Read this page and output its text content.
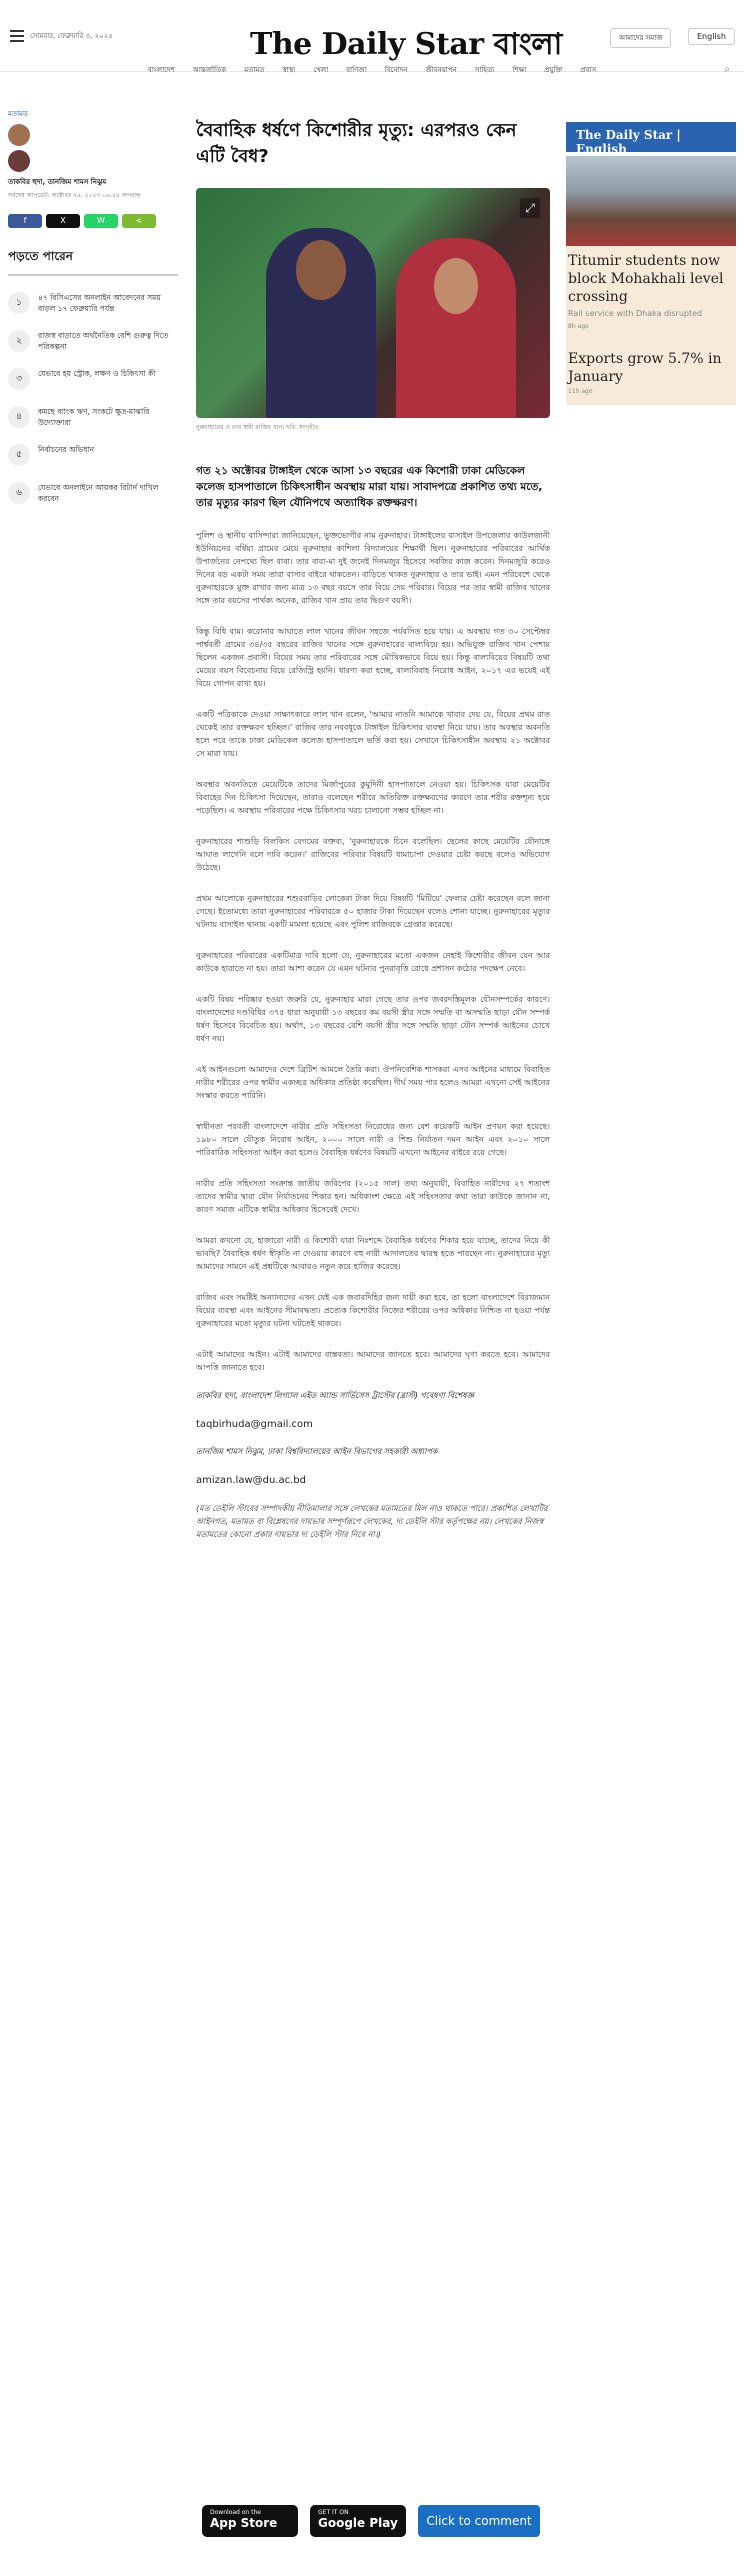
সোমবার, ফেব্রুয়ারি ৩, ২০২৫	The Daily Star বাংলা	আমাদের সমাজ	English
বাংলাদেশ	আন্তর্জাতিক	মতামত	স্বাস্থ্য	খেলা	বাণিজ্য	বিনোদন	জীবনযাপন	সাহিত্য	শিক্ষা	প্রযুক্তি	প্রবাস	⌕
মতামত
তাকবির হুদা, তানজিম শামস নিঝুম
সর্বশেষ আপডেট: অক্টোবর ২৫, ২০২৩ ০৬:৫৪ অপরাহ্ন
f	X	W	<
পড়তে পারেন
১
৪৭ বিসিএসের অনলাইন আবেদনের সময় বাড়ল ১৭ ফেব্রুয়ারি পর্যন্ত
২
রাজস্ব বাড়াতে অর্থনৈতিক বেশি গুরুত্ব দিতে পরিকল্পনা
৩
যেভাবে হয় স্ট্রোক, লক্ষণ ও চিকিৎসা কী
৪
কমছে ব্যাংক ঋণ, সংকটে ক্ষুদ্র-মাঝারি উদ্যোক্তারা
৫
নির্বাচনের অভিধান
৬
যেভাবে অনলাইনে আয়কর রিটার্ন দাখিল করবেন
বৈবাহিক ধর্ষণে কিশোরীর মৃত্যু: এরপরও কেন এটি বৈধ?
⤢
নুরুনাহারের ও তার স্বামী রাজিব খান। ছবি: সংগৃহীত

গত ২১ অক্টোবর টাঙ্গাইল থেকে আসা ১৩ বছরের এক কিশোরী ঢাকা মেডিকেল কলেজ হাসপাতালে চিকিৎসাধীন অবস্থায় মারা যায়। সাবাদপত্রে প্রকাশিত তথ্য মতে, তার মৃত্যুর কারণ ছিল যৌনিপথে অত্যাধিক রক্তক্ষরণ।

পুলিশ ও স্থানীয় বাসিন্দারা জানিয়েছেন, ভুক্তভোগীর নাম নুরুনাহার। টাঙ্গাইলের বাসাইল উপজেলার কাউলজানী ইউনিয়নের বর্ষিয়া গ্রামের মেয়ে নুরুনাহার কাশিলা বিদ্যালয়ের শিক্ষার্থী ছিল। নুরুনাহারের পরিবারের আর্থিক উপার্জনের নেপথ্যে ছিল বাবা। তার বাবা-মা দুই জনেই দিনমজুর হিসেবে সবজির কাজ করেন। দিনমজুরি করেও দিনের বড় একটা সময় তারা বাসার বাইরে থাকতেন। বাড়িতে থাকত নুরুনাহার ও তার ভাই। এমন পরিবেশে থেকে নুরুনাহারকে মুক্ত রাখার জন্য মাত্র ১৩ বছর বয়সে তার বিয়ে দেয় পরিবার। বিয়ের পর তার স্বামী রাজিব খানের সঙ্গে তার বয়সের পার্থক্য অনেক, রাজিব খান প্রায় তার দ্বিগুণ বয়সী।

কিন্তু বিধি বাম। করোনার আঘাতে লাল খানের জীবন সহজে পর্যবসিত হয়ে যায়। এ অবস্থায় গত ৩০ সেপ্টেম্বর পার্শ্ববর্তী গ্রামের ৩৪/৩৫ বছরের রাজিব খানের সঙ্গে নুরুনাহারের বাল্যবিয়ে হয়। অভিযুক্ত রাজিব খান পেশায় ছিলেন একজন প্রবাসী। বিয়ের সময় তার পরিবারের সঙ্গে মৌখিকভাবে বিয়ে হয়। কিন্তু বাল্যবিয়ের বিষয়টি তথা মেয়ের বয়স বিবেচনায় বিয়ে রেজিস্ট্রি হয়নি। ধারণা করা হচ্ছে, বাল্যবিবাহ নিরোধ আইন, ২০১৭ এর ভয়েই এই বিয়ে গোপন রাখা হয়।

একটি পত্রিকাকে দেওয়া সাক্ষাৎকারে লাল খান বলেন, 'আমার নাতনি আমাকে খাবার দেয় যে, বিয়ের প্রথম রাত থেকেই তার রক্তক্ষরণ হচ্ছিল।' রাজিব তার নববধূকে টাঙ্গাইল চিকিৎসার ব্যবস্থা নিয়ে যায়। তার অবস্থার অবনতি হলে পরে তাকে ঢাকা মেডিকেল কলেজ হাসপাতালে ভর্তি করা হয়। সেখানে চিকিৎসাধীন অবস্থায় ২১ অক্টোবর সে মারা যায়।

অবস্থার অবনতিতে মেয়েটিকে তাদের মির্জাপুরের কুমুদিনী হাসপাতালে নেওয়া হয়। চিকিৎসক যারা মেয়েটির বিবাহের দিন চিকিৎসা দিয়েছেন, তারাও বলেছেন শরীরে অতিরিক্ত রক্তক্ষরণের কারণে তার শরীর রক্তশূন্য হয়ে পড়েছিল। এ অবস্থায় পরিবারের পক্ষে চিকিৎসার খরচ চালানো সম্ভব হচ্ছিল না।

নুরুনাহারের শাশুড়ি বিলকিস বেগমের বক্তব্য, 'নুরুনাহারকে চিনে বলেছিল। ছেলের কাছে মেয়েটির যৌনাঙ্গে আঘাত লাগেনি বলে দাবি করেন।' রাজিবের পরিবার বিষয়টি ধামাচাপা দেওয়ার চেষ্টা করছে বলেও অভিযোগ উঠেছে।

প্রথম আলোকে নুরুনাহারের শশুরবাড়ির লোকেরা টাকা দিয়ে বিষয়টি 'মিটিয়ে' ফেলার চেষ্টা করেছেন বলে জানা গেছে। ইতোমধ্যে তারা নুরুনাহারের পরিবারকে ৫০ হাজার টাকা দিয়েছেন বলেও শোনা যাচ্ছে। নুরুনাহারের মৃত্যুর ঘটনায় বাসাইল থানায় একটি মামলা হয়েছে এবং পুলিশ রাজিবকে গ্রেপ্তার করেছে।

নুরুনাহারের পরিবারের একটিমাত্র দাবি হলো যে, নুরুনাহারের মতো একজন নেহাই কিশোরীর জীবন যেন আর কাউকে হারাতে না হয়। তারা আশা করেন যে এমন ঘটনার পুনরাবৃত্তি রোধে প্রশাসন কঠোর পদক্ষেপ নেবে।

একটি বিষয় পরিষ্কার হওয়া জরুরি যে, নুরুনাহার মারা গেছে তার ওপর জবরদস্তিমূলক যৌনসম্পর্কের কারণে। বাংলাদেশের দণ্ডবিধির ৩৭৫ ধারা অনুযায়ী ১৩ বছরের কম বয়সী স্ত্রীর সঙ্গে সম্মতি বা অসম্মতি ছাড়া যৌন সম্পর্ক ধর্ষণ হিসেবে বিবেচিত হয়। অর্থাৎ, ১৩ বছরের বেশি বয়সী স্ত্রীর সঙ্গে সম্মতি ছাড়া যৌন সম্পর্ক আইনের চোখে ধর্ষণ নয়।

এই আইনগুলো আমাদের দেশে ব্রিটিশ আমলে তৈরি করা। ঔপনিবেশিক শাসকরা এসব আইনের মাধ্যমে বিবাহিত নারীর শরীরের ওপর স্বামীর একচ্ছত্র অধিকার প্রতিষ্ঠা করেছিল। দীর্ঘ সময় পার হলেও আমরা এখনো সেই আইনের সংস্কার করতে পারিনি।

স্বাধীনতা পরবর্তী বাংলাদেশে নারীর প্রতি সহিংসতা নিরোধের জন্য বেশ কয়েকটি আইন প্রণয়ন করা হয়েছে। ১৯৮০ সালে যৌতুক নিরোধ আইন, ২০০০ সালে নারী ও শিশু নির্যাতন দমন আইন এবং ২০১০ সালে পারিবারিক সহিংসতা আইন করা হলেও বৈবাহিক ধর্ষণের বিষয়টি এখনো আইনের বাইরে রয়ে গেছে।

নারীর প্রতি সহিংসতা সংক্রান্ত জাতীয় জরিপের (২০১৫ সাল) তথ্য অনুযায়ী, বিবাহিত নারীদের ২৭ শতাংশ তাদের স্বামীর দ্বারা যৌন নির্যাতনের শিকার হন। অধিকাংশ ক্ষেত্রে এই সহিংসতার কথা তারা কাউকে জানান না, কারণ সমাজ এটিকে স্বামীর অধিকার হিসেবেই দেখে।

আমরা কখনো যে, হাজারো নারী ও কিশোরী যারা নিঃশব্দে বৈবাহিক ধর্ষণের শিকার হয়ে যাচ্ছে, তাদের নিয়ে কী ভাবছি? বৈবাহিক ধর্ষণ স্বীকৃতি না দেওয়ার কারণে বহু নারী আদালতের দ্বারস্থ হতে পারছেন না। নুরুনাহারের মৃত্যু আমাদের সামনে এই প্রশ্নটিকে আবারও নতুন করে হাজির করেছে।

রাজিব এবং সমষ্টিই অন্যান্যদের এখন যেই এক জবাবদিহির জন্য দায়ী করা হবে, তা হলো বাংলাদেশে বিরাজমান বিয়ের ব্যবস্থা এবং আইনের সীমাবদ্ধতা। প্রত্যেক কিশোরীর নিজের শরীরের ওপর অধিকার নিশ্চিত না হওয়া পর্যন্ত নুরুনাহারের মতো মৃত্যুর ঘটনা ঘটতেই থাকবে।

এটাই আমাদের আইন। এটাই আমাদের বাস্তবতা। আমাদের জানতে হবে। আমাদের ঘৃণা করতে হবে। আমাদের আপত্তি জানাতে হবে।

তাকবির হুদা, বাংলাদেশ লিগ্যাল এইড অ্যান্ড সার্ভিসেস ট্রাস্টের (ব্লাস্ট) গবেষণা বিশেষজ্ঞ

taqbirhuda@gmail.com

তানজিম শামস নিঝুম, ঢাকা বিশ্ববিদ্যালয়ের আইন বিভাগের সহকারী অধ্যাপক

amizan.law@du.ac.bd

(মত ডেইলি স্টারের সম্পাদকীয় নীতিমালার সঙ্গে লেখকের মতামতের মিল নাও থাকতে পারে। প্রকাশিত লেখাটির আইনগত, মতামত বা বিশ্লেষণের দায়ভার সম্পূর্ণরূপে লেখকের, দ্য ডেইলি স্টার কর্তৃপক্ষের নয়। লেখকের নিজস্ব মতামতের কোনো প্রকার দায়ভার দ্য ডেইলি স্টার নিবে না।)

Download on the
App Store
GET IT ON
Google Play	Click to comment
The Daily Star | English
Titumir students now block Mohakhali level crossing
Rail service with Dhaka disrupted
8h ago
Exports grow 5.7% in January
11h ago
